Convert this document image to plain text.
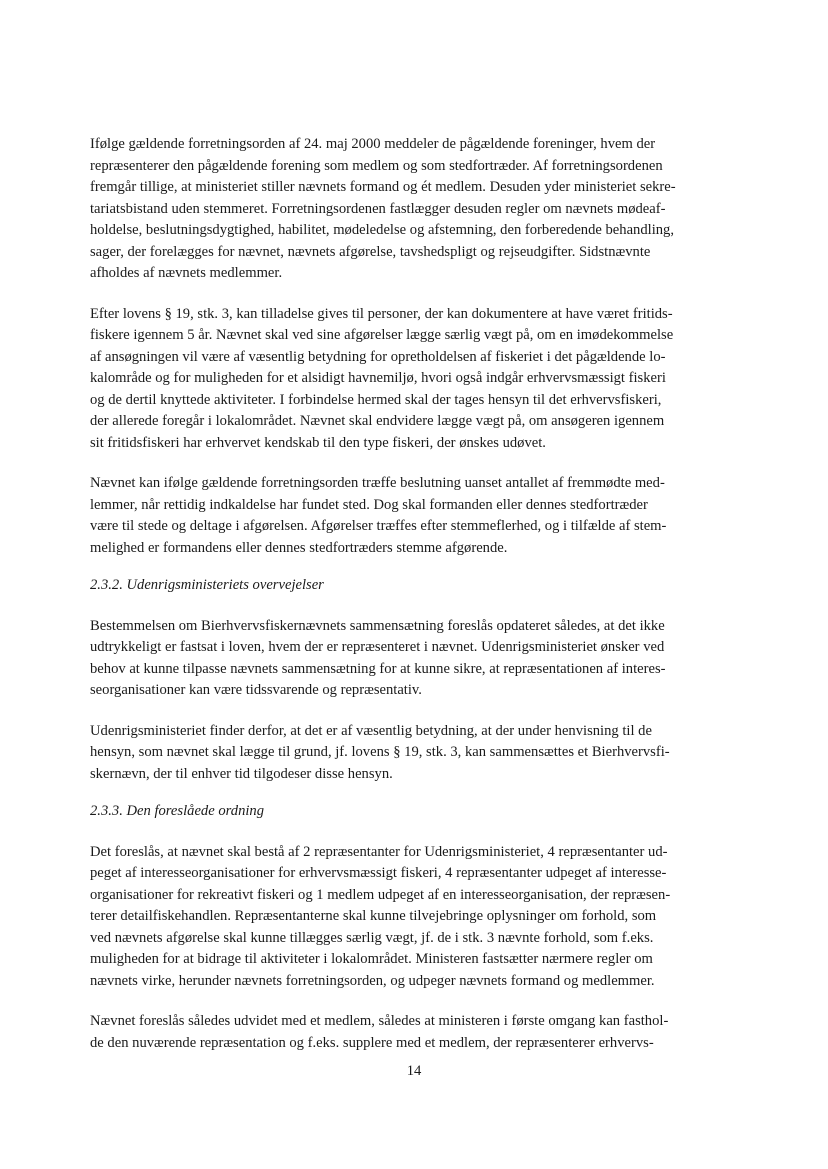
Ifølge gældende forretningsorden af 24. maj 2000 meddeler de pågældende foreninger, hvem der
repræsenterer den pågældende forening som medlem og som stedfortræder. Af forretningsordenen
fremgår tillige, at ministeriet stiller nævnets formand og ét medlem. Desuden yder ministeriet sekre-
tariatsbistand uden stemmeret. Forretningsordenen fastlægger desuden regler om nævnets mødeaf-
holdelse, beslutningsdygtighed, habilitet, mødeledelse og afstemning, den forberedende behandling,
sager, der forelægges for nævnet, nævnets afgørelse, tavshedspligt og rejseudgifter. Sidstnævnte
afholdes af nævnets medlemmer.

Efter lovens § 19, stk. 3, kan tilladelse gives til personer, der kan dokumentere at have været fritids-
fiskere igennem 5 år. Nævnet skal ved sine afgørelser lægge særlig vægt på, om en imødekommelse
af ansøgningen vil være af væsentlig betydning for opretholdelsen af fiskeriet i det pågældende lo-
kalområde og for muligheden for et alsidigt havnemiljø, hvori også indgår erhvervsmæssigt fiskeri
og de dertil knyttede aktiviteter. I forbindelse hermed skal der tages hensyn til det erhvervsfiskeri,
der allerede foregår i lokalområdet. Nævnet skal endvidere lægge vægt på, om ansøgeren igennem
sit fritidsfiskeri har erhvervet kendskab til den type fiskeri, der ønskes udøvet.

Nævnet kan ifølge gældende forretningsorden træffe beslutning uanset antallet af fremmødte med-
lemmer, når rettidig indkaldelse har fundet sted. Dog skal formanden eller dennes stedfortræder
være til stede og deltage i afgørelsen. Afgørelser træffes efter stemmeflerhed, og i tilfælde af stem-
melighed er formandens eller dennes stedfortræders stemme afgørende.

2.3.2. Udenrigsministeriets overvejelser

Bestemmelsen om Bierhvervsfiskernævnets sammensætning foreslås opdateret således, at det ikke
udtrykkeligt er fastsat i loven, hvem der er repræsenteret i nævnet. Udenrigsministeriet ønsker ved
behov at kunne tilpasse nævnets sammensætning for at kunne sikre, at repræsentationen af interes-
seorganisationer kan være tidssvarende og repræsentativ.

Udenrigsministeriet finder derfor, at det er af væsentlig betydning, at der under henvisning til de
hensyn, som nævnet skal lægge til grund, jf. lovens § 19, stk. 3, kan sammensættes et Bierhvervsfi-
skernævn, der til enhver tid tilgodeser disse hensyn.

2.3.3. Den foreslåede ordning

Det foreslås, at nævnet skal bestå af 2 repræsentanter for Udenrigsministeriet, 4 repræsentanter ud-
peget af interesseorganisationer for erhvervsmæssigt fiskeri, 4 repræsentanter udpeget af interesse-
organisationer for rekreativt fiskeri og 1 medlem udpeget af en interesseorganisation, der repræsen-
terer detailfiskehandlen. Repræsentanterne skal kunne tilvejebringe oplysninger om forhold, som
ved nævnets afgørelse skal kunne tillægges særlig vægt, jf. de i stk. 3 nævnte forhold, som f.eks.
muligheden for at bidrage til aktiviteter i lokalområdet. Ministeren fastsætter nærmere regler om
nævnets virke, herunder nævnets forretningsorden, og udpeger nævnets formand og medlemmer.

Nævnet foreslås således udvidet med et medlem, således at ministeren i første omgang kan fasthol-
de den nuværende repræsentation og f.eks. supplere med et medlem, der repræsenterer erhvervs-

14
